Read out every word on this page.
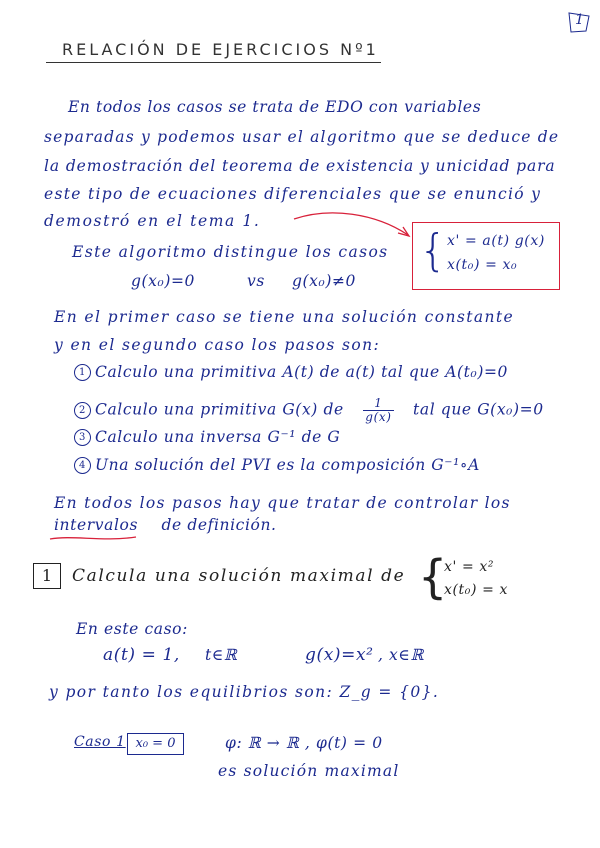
1
RELACIÓN DE EJERCICIOS Nº1
En todos los casos se trata de EDO con variables
separadas y podemos usar el algoritmo que se deduce de
la demostración del teorema de existencia y unicidad para
este tipo de ecuaciones diferenciales que se enunció y
demostró en el tema 1.
{ x' = a(t) g(x)
x(t₀) = x₀
Este algoritmo distingue los casos
g(x₀)=0	vs g(x₀)≠0
En el primer caso se tiene una solución constante
y en el segundo caso los pasos son:
1 Calculo una primitiva A(t) de a(t) tal que A(t₀)=0
2 Calculo una primitiva G(x) de $\frac{1}{g(x)}$ tal que G(x₀)=0
3 Calculo una inversa G⁻¹ de G
4 Una solución del PVI es la composición G⁻¹∘A
En todos los pasos hay que tratar de controlar los
intervalos de definición.
1	Calcula una solución maximal de {
x' = x²
x(t₀) = x
En este caso:
a(t) = 1, t∈ℝ	g(x)=x² , x∈ℝ
y por tanto los equilibrios son: Z_g = {0}.
Caso 1 x₀ = 0	φ: ℝ → ℝ , φ(t) = 0
es solución maximal
